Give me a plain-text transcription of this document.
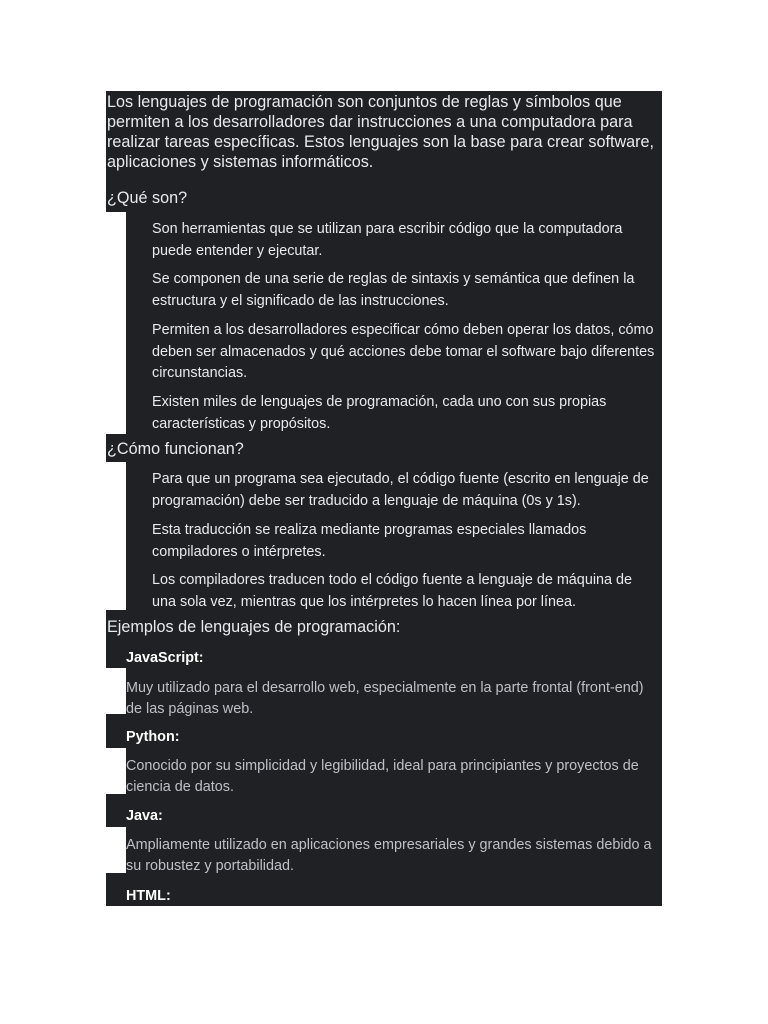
Los lenguajes de programación son conjuntos de reglas y símbolos que permiten a los desarrolladores dar instrucciones a una computadora para realizar tareas específicas. Estos lenguajes son la base para crear software, aplicaciones y sistemas informáticos.
¿Qué son?
Son herramientas que se utilizan para escribir código que la computadora puede entender y ejecutar.
Se componen de una serie de reglas de sintaxis y semántica que definen la estructura y el significado de las instrucciones.
Permiten a los desarrolladores especificar cómo deben operar los datos, cómo deben ser almacenados y qué acciones debe tomar el software bajo diferentes circunstancias.
Existen miles de lenguajes de programación, cada uno con sus propias características y propósitos.
¿Cómo funcionan?
Para que un programa sea ejecutado, el código fuente (escrito en lenguaje de programación) debe ser traducido a lenguaje de máquina (0s y 1s).
Esta traducción se realiza mediante programas especiales llamados compiladores o intérpretes.
Los compiladores traducen todo el código fuente a lenguaje de máquina de una sola vez, mientras que los intérpretes lo hacen línea por línea.
Ejemplos de lenguajes de programación:
JavaScript:
Muy utilizado para el desarrollo web, especialmente en la parte frontal (front-end) de las páginas web.
Python:
Conocido por su simplicidad y legibilidad, ideal para principiantes y proyectos de ciencia de datos.
Java:
Ampliamente utilizado en aplicaciones empresariales y grandes sistemas debido a su robustez y portabilidad.
HTML:
